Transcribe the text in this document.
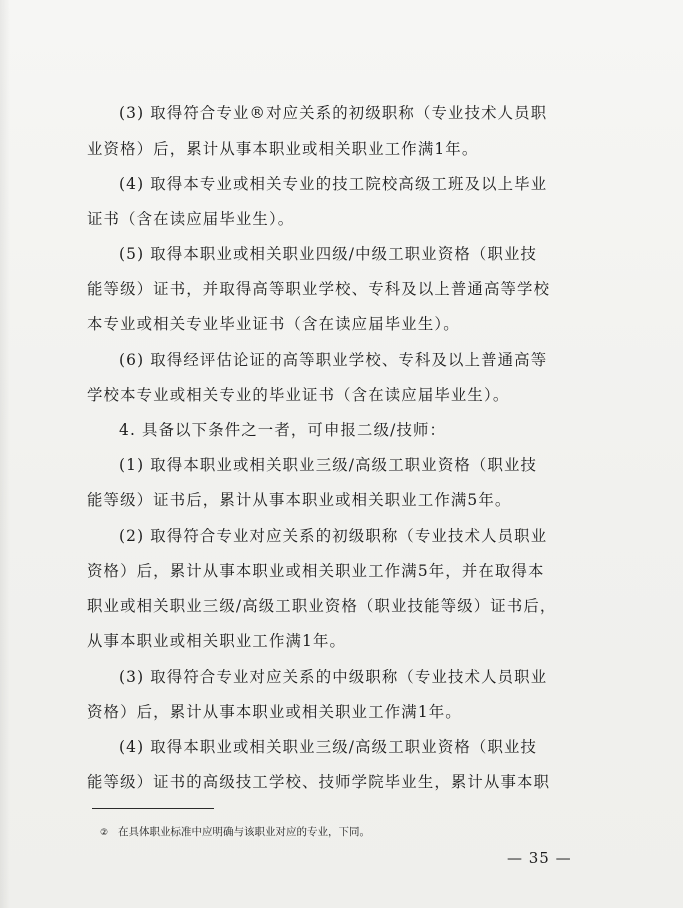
(3) 取得符合专业®对应关系的初级职称（专业技术人员职
业资格）后，累计从事本职业或相关职业工作满1年。
(4) 取得本专业或相关专业的技工院校高级工班及以上毕业
证书（含在读应届毕业生）。
(5) 取得本职业或相关职业四级/中级工职业资格（职业技
能等级）证书，并取得高等职业学校、专科及以上普通高等学校
本专业或相关专业毕业证书（含在读应届毕业生）。
(6) 取得经评估论证的高等职业学校、专科及以上普通高等
学校本专业或相关专业的毕业证书（含在读应届毕业生）。
4. 具备以下条件之一者，可申报二级/技师：
(1) 取得本职业或相关职业三级/高级工职业资格（职业技
能等级）证书后，累计从事本职业或相关职业工作满5年。
(2) 取得符合专业对应关系的初级职称（专业技术人员职业
资格）后，累计从事本职业或相关职业工作满5年，并在取得本
职业或相关职业三级/高级工职业资格（职业技能等级）证书后，
从事本职业或相关职业工作满1年。
(3) 取得符合专业对应关系的中级职称（专业技术人员职业
资格）后，累计从事本职业或相关职业工作满1年。
(4) 取得本职业或相关职业三级/高级工职业资格（职业技
能等级）证书的高级技工学校、技师学院毕业生，累计从事本职
② 在具体职业标准中应明确与该职业对应的专业，下同。
— 35 —
